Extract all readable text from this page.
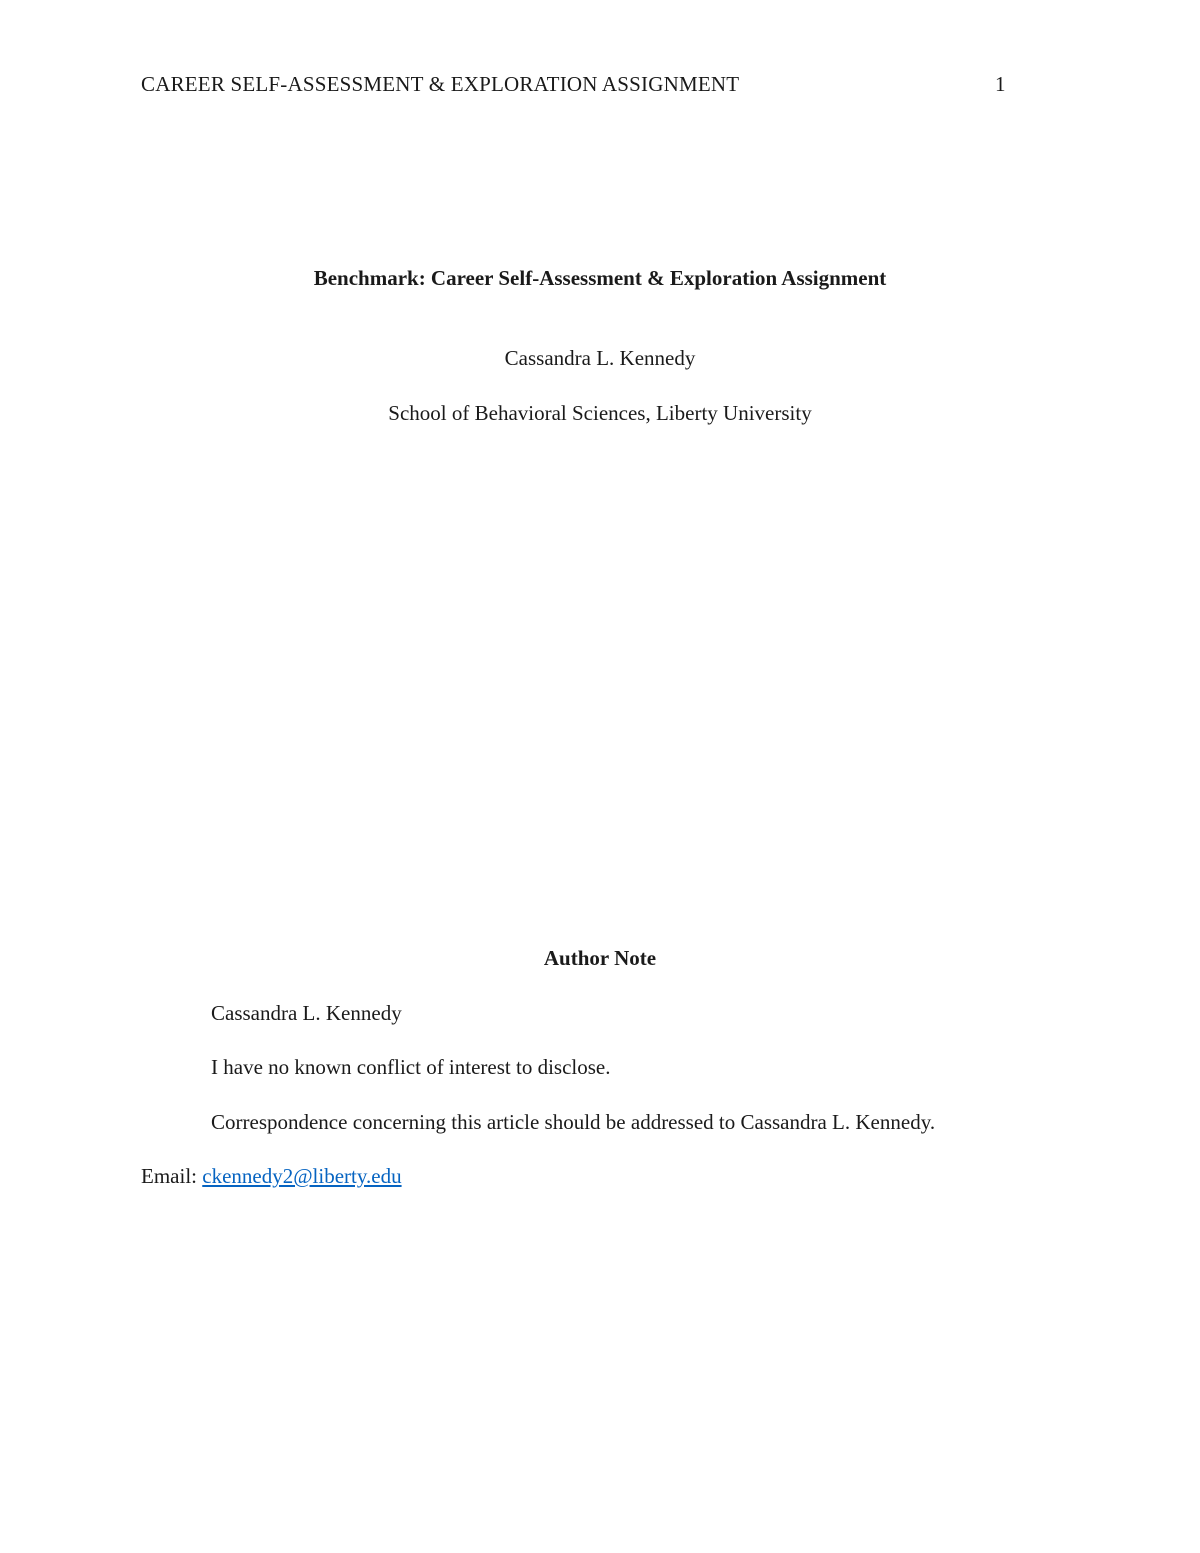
CAREER SELF-ASSESSMENT & EXPLORATION ASSIGNMENT	1
Benchmark: Career Self-Assessment & Exploration Assignment
Cassandra L. Kennedy
School of Behavioral Sciences, Liberty University
Author Note
Cassandra L. Kennedy
I have no known conflict of interest to disclose.
Correspondence concerning this article should be addressed to Cassandra L. Kennedy.
Email: ckennedy2@liberty.edu
